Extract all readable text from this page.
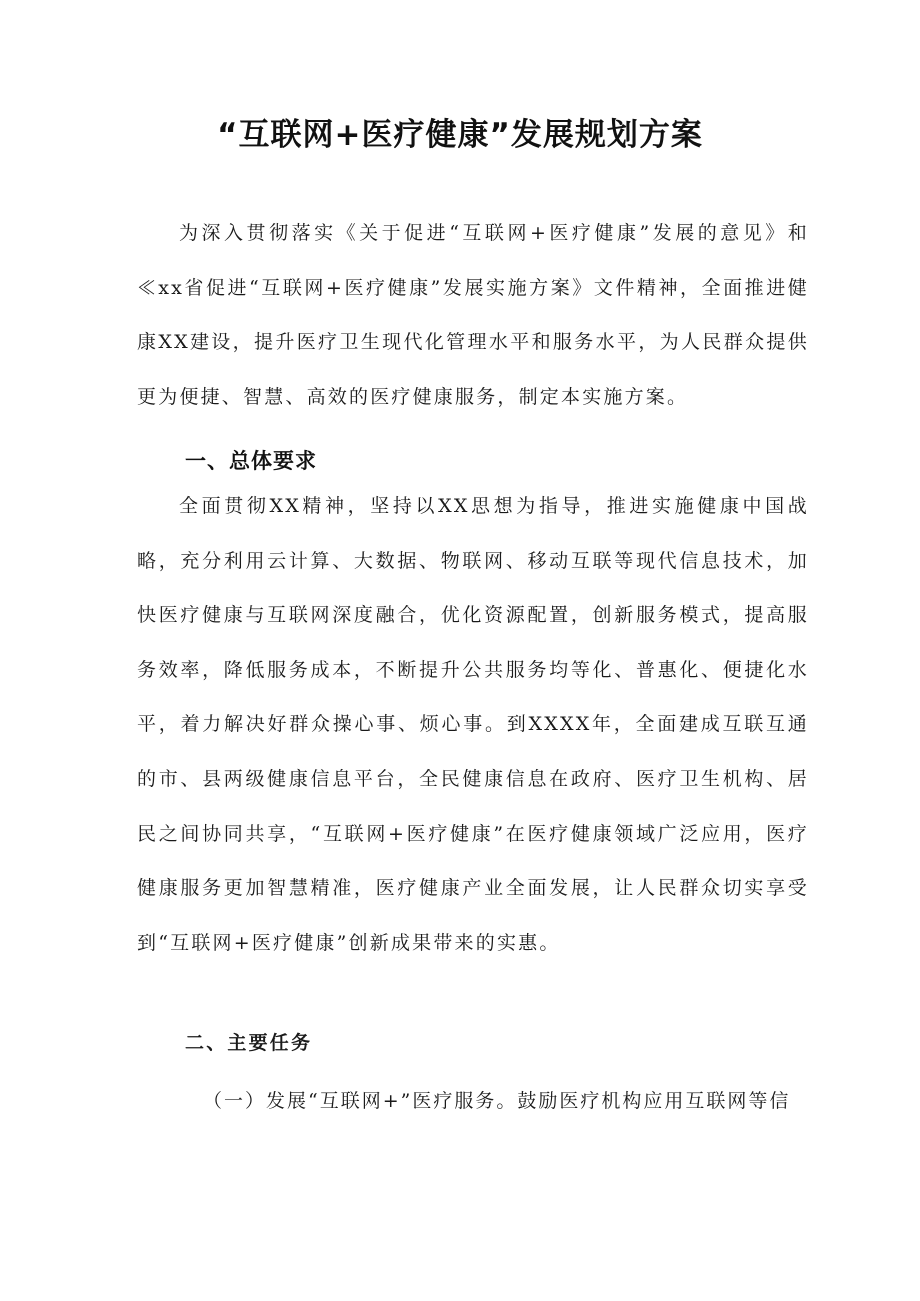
“互联网+医疗健康”发展规划方案

为深入贯彻落实《关于促进“互联网+医疗健康”发展的意见》和≪xx省促进“互联网+医疗健康”发展实施方案》文件精神，全面推进健康XX建设，提升医疗卫生现代化管理水平和服务水平，为人民群众提供更为便捷、智慧、高效的医疗健康服务，制定本实施方案。

一、总体要求

全面贯彻XX精神，坚持以XX思想为指导，推进实施健康中国战略，充分利用云计算、大数据、物联网、移动互联等现代信息技术，加快医疗健康与互联网深度融合，优化资源配置，创新服务模式，提高服务效率，降低服务成本，不断提升公共服务均等化、普惠化、便捷化水平，着力解决好群众操心事、烦心事。到XXXX年，全面建成互联互通的市、县两级健康信息平台，全民健康信息在政府、医疗卫生机构、居民之间协同共享，“互联网+医疗健康”在医疗健康领域广泛应用，医疗健康服务更加智慧精准，医疗健康产业全面发展，让人民群众切实享受到“互联网+医疗健康”创新成果带来的实惠。

二、主要任务

（一）发展“互联网+”医疗服务。鼓励医疗机构应用互联网等信
